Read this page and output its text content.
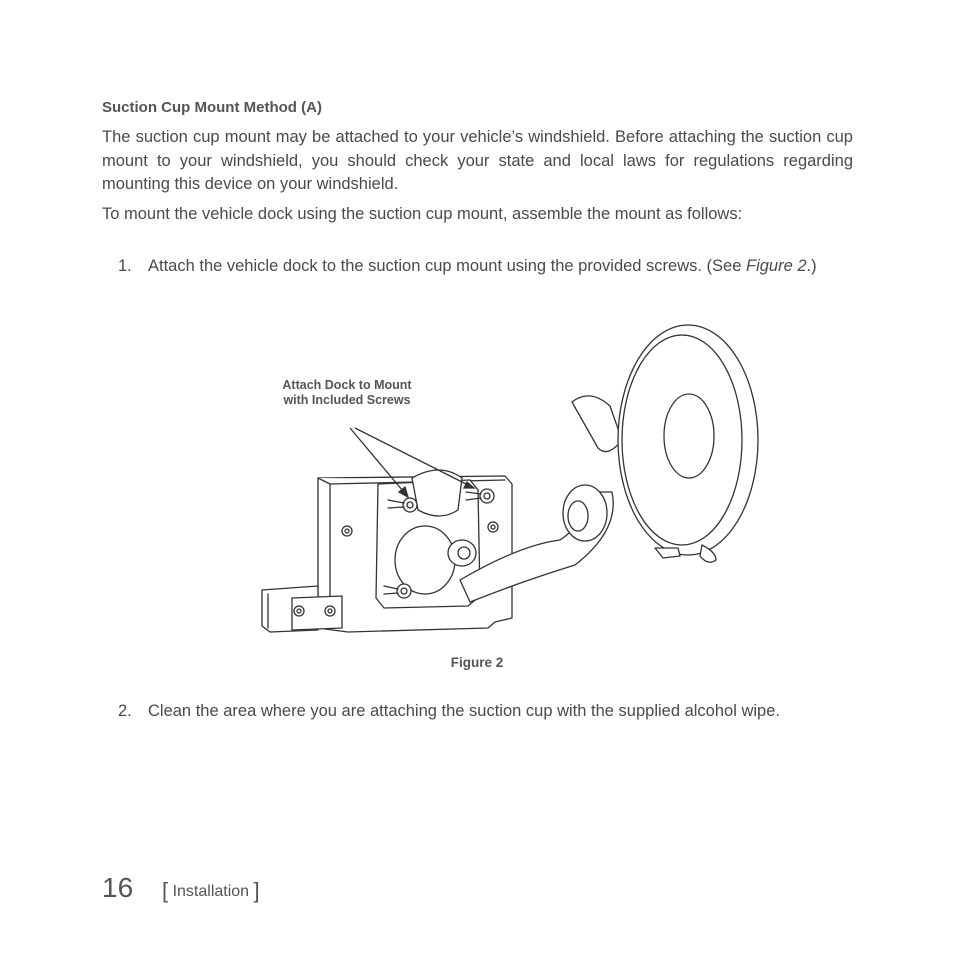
Suction Cup Mount Method (A)
The suction cup mount may be attached to your vehicle’s windshield. Before attaching the suction cup mount to your windshield, you should check your state and local laws for regulations regarding mounting this device on your windshield.
To mount the vehicle dock using the suction cup mount, assemble the mount as follows:
1. Attach the vehicle dock to the suction cup mount using the provided screws. (See Figure 2.)
Attach Dock to Mount with Included Screws
Figure 2
2. Clean the area where you are attaching the suction cup with the supplied alcohol wipe.
16 [ Installation ]
